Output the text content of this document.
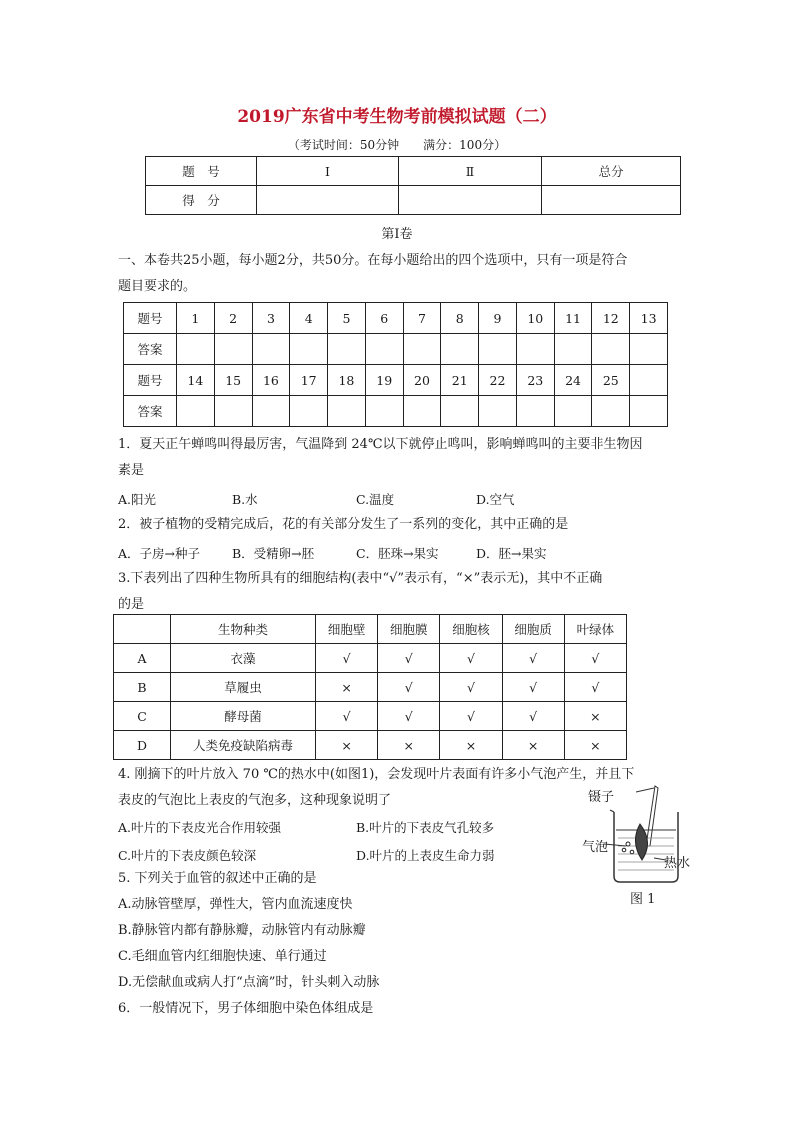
2019广东省中考生物考前模拟试题（二）
（考试时间：50分钟　　满分：100分）
题　号	Ⅰ	Ⅱ	总分
得　分			
第Ⅰ卷
一、本卷共25小题，每小题2分，共50分。在每小题给出的四个选项中，只有一项是符合
题目要求的。
题号	1	2	3	4	5	6	7	8	9	10	11	12	13
答案													
题号	14	15	16	17	18	19	20	21	22	23	24	25	
答案													
1．夏天正午蝉鸣叫得最厉害，气温降到 24℃以下就停止鸣叫，影响蝉鸣叫的主要非生物因
素是
A.阳光	B.水	C.温度	D.空气
2．被子植物的受精完成后，花的有关部分发生了一系列的变化，其中正确的是
A．子房→种子	B．受精卵→胚	C．胚珠→果实	D．胚→果实
3.下表列出了四种生物所具有的细胞结构(表中“√”表示有，“×”表示无)，其中不正确
的是
	生物种类	细胞壁	细胞膜	细胞核	细胞质	叶绿体
A	衣藻	√	√	√	√	√
B	草履虫	×	√	√	√	√
C	酵母菌	√	√	√	√	×
D	人类免疫缺陷病毒	×	×	×	×	×
4. 刚摘下的叶片放入 70 ℃的热水中(如图1)，会发现叶片表面有许多小气泡产生，并且下
表皮的气泡比上表皮的气泡多，这种现象说明了
A.叶片的下表皮光合作用较强	B.叶片的下表皮气孔较多
C.叶片的下表皮颜色较深	D.叶片的上表皮生命力弱
镊子
气泡
热水
图 1
5. 下列关于血管的叙述中正确的是
A.动脉管壁厚，弹性大，管内血流速度快
B.静脉管内都有静脉瓣，动脉管内有动脉瓣
C.毛细血管内红细胞快速、单行通过
D.无偿献血或病人打“点滴”时，针头刺入动脉
6．一般情况下，男子体细胞中染色体组成是
